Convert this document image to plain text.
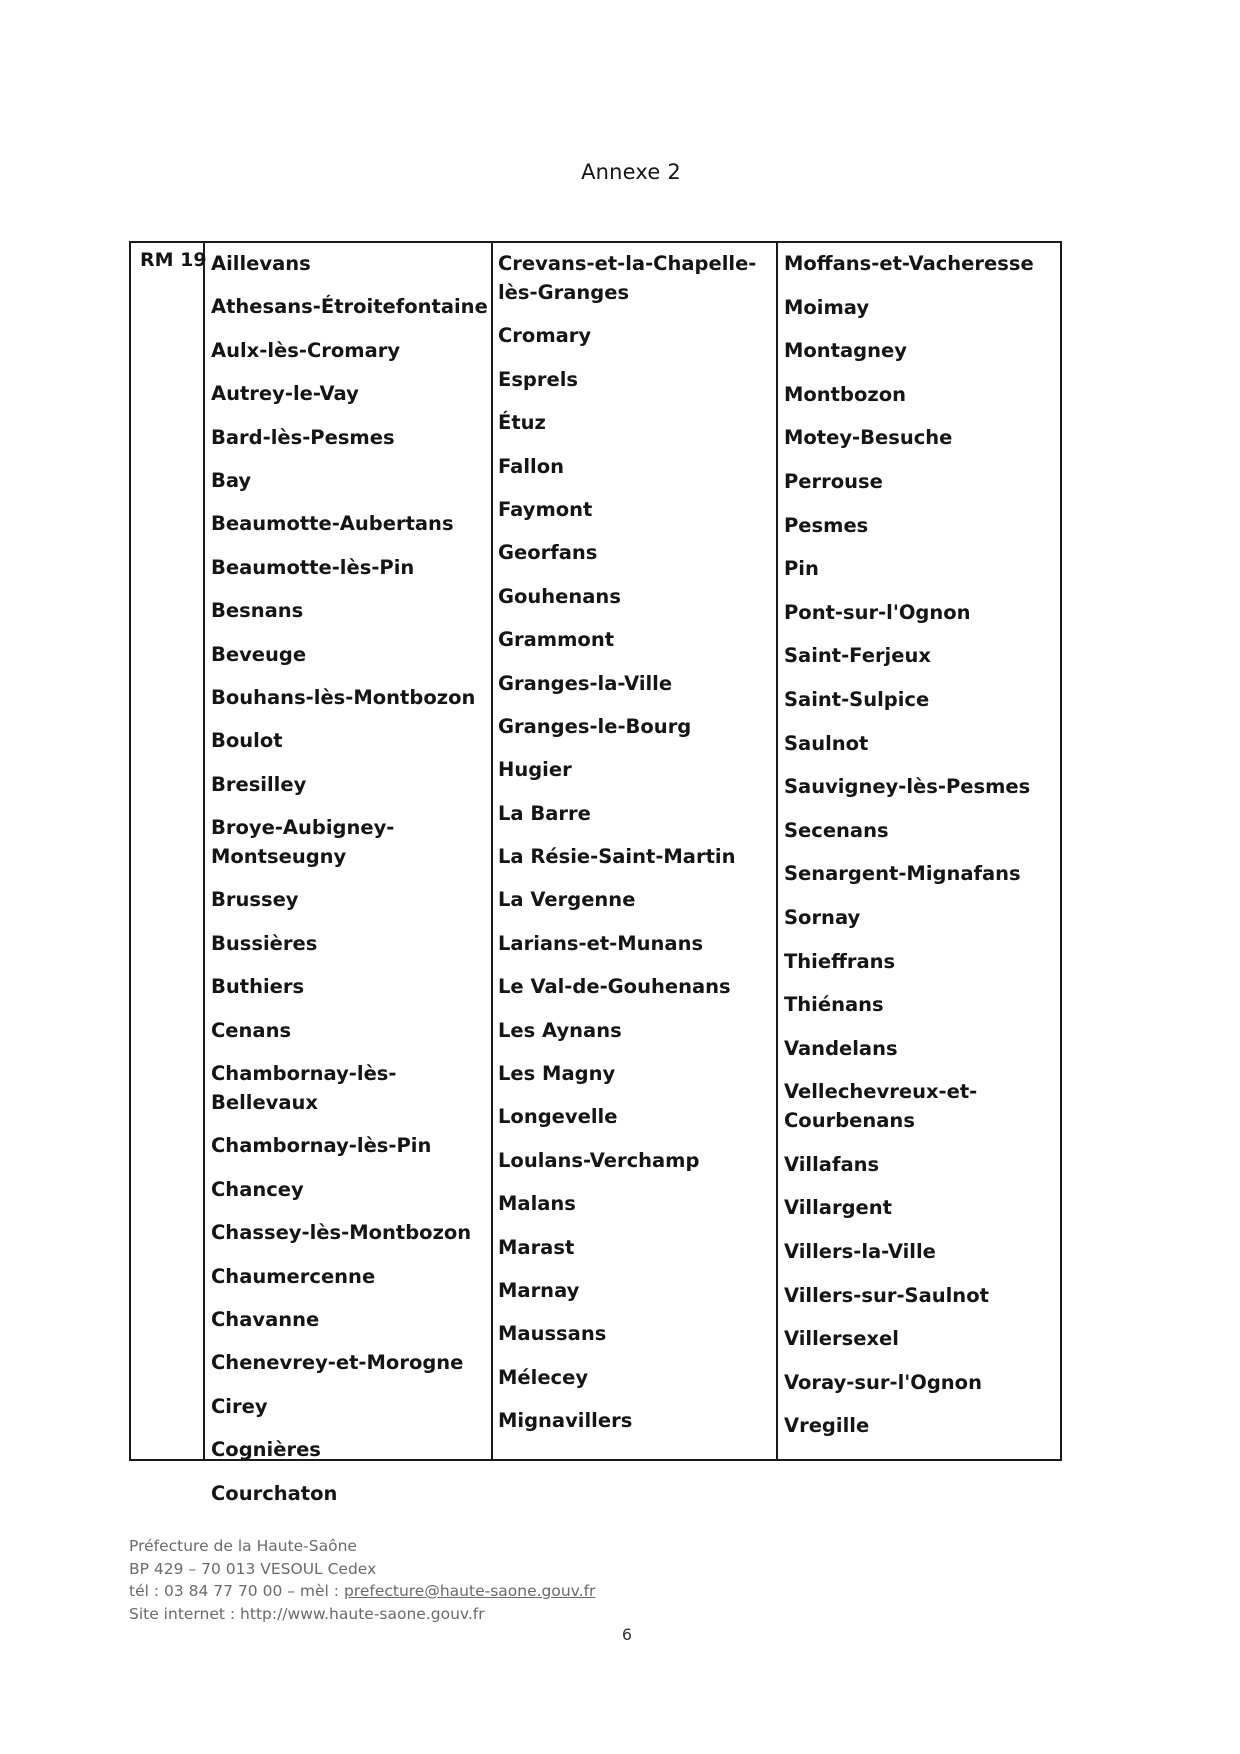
Annexe 2
RM 19 Aillevans
Athesans-Étroitefontaine
Aulx-lès-Cromary
Autrey-le-Vay
Bard-lès-Pesmes
Bay
Beaumotte-Aubertans
Beaumotte-lès-Pin
Besnans
Beveuge
Bouhans-lès-Montbozon
Boulot
Bresilley
Broye-Aubigney-Montseugny
Brussey
Bussières
Buthiers
Cenans
Chambornay-lès-Bellevaux
Chambornay-lès-Pin
Chancey
Chassey-lès-Montbozon
Chaumercenne
Chavanne
Chenevrey-et-Morogne
Cirey
Cognières
Courchaton
Crevans-et-la-Chapelle-lès-Granges
Cromary
Esprels
Étuz
Fallon
Faymont
Georfans
Gouhenans
Grammont
Granges-la-Ville
Granges-le-Bourg
Hugier
La Barre
La Résie-Saint-Martin
La Vergenne
Larians-et-Munans
Le Val-de-Gouhenans
Les Aynans
Les Magny
Longevelle
Loulans-Verchamp
Malans
Marast
Marnay
Maussans
Mélecey
Mignavillers
Moffans-et-Vacheresse
Moimay
Montagney
Montbozon
Motey-Besuche
Perrouse
Pesmes
Pin
Pont-sur-l'Ognon
Saint-Ferjeux
Saint-Sulpice
Saulnot
Sauvigney-lès-Pesmes
Secenans
Senargent-Mignafans
Sornay
Thieffrans
Thiénans
Vandelans
Vellechevreux-et-Courbenans
Villafans
Villargent
Villers-la-Ville
Villers-sur-Saulnot
Villersexel
Voray-sur-l'Ognon
Vregille
Préfecture de la Haute-Saône
BP 429 – 70 013 VESOUL Cedex
tél : 03 84 77 70 00 – mèl : prefecture@haute-saone.gouv.fr
Site internet : http://www.haute-saone.gouv.fr
6
